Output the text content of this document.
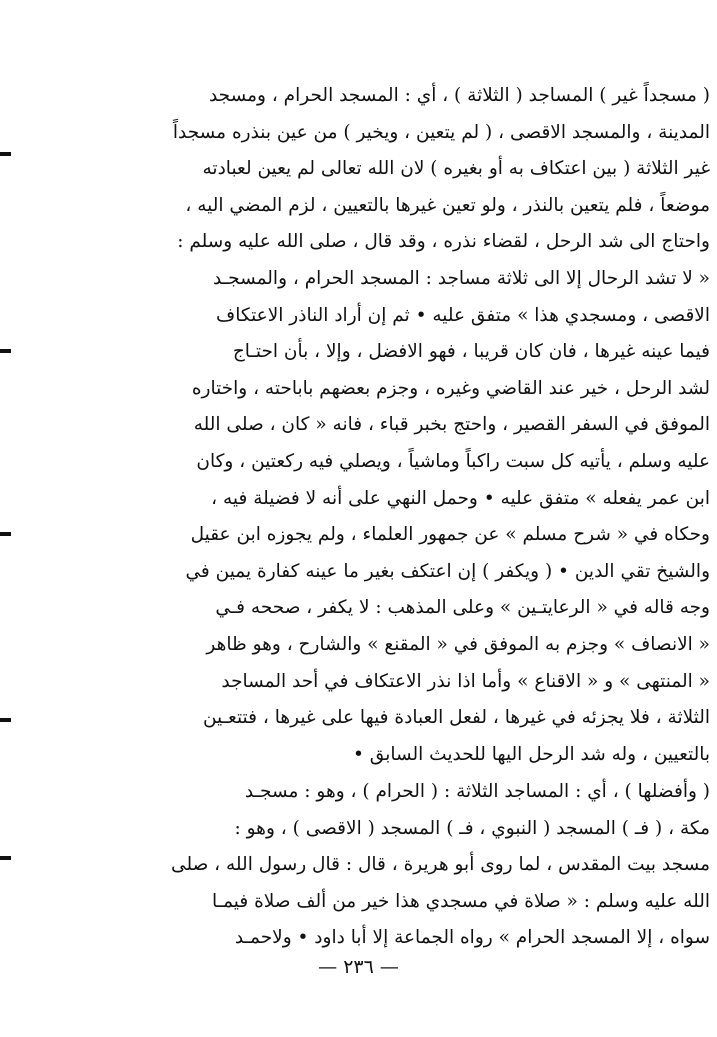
( مسجداً غير ) المساجد ( الثلاثة ) ، أي : المسجد الحرام ، ومسجد
المدينة ، والمسجد الاقصى ، ( لم يتعين ، ويخير ) من عين بنذره مسجداً
غير الثلاثة ( بين اعتكاف به أو بغيره ) لان الله تعالى لم يعين لعبادته
موضعاً ، فلم يتعين بالنذر ، ولو تعين غيرها بالتعيين ، لزم المضي اليه ،
واحتاج الى شد الرحل ، لقضاء نذره ، وقد قال ، صلى الله عليه وسلم :
« لا تشد الرحال إلا الى ثلاثة مساجد : المسجد الحرام ، والمسجـد
الاقصى ، ومسجدي هذا » متفق عليه • ثم إن أراد الناذر الاعتكاف
فيما عينه غيرها ، فان كان قريبا ، فهو الافضل ، وإلا ، بأن احتـاج
لشد الرحل ، خير عند القاضي وغيره ، وجزم بعضهم باباحته ، واختاره
الموفق في السفر القصير ، واحتج بخبر قباء ، فانه « كان ، صلى الله
عليه وسلم ، يأتيه كل سبت راكباً وماشياً ، ويصلي فيه ركعتين ، وكان
ابن عمر يفعله » متفق عليه • وحمل النهي على أنه لا فضيلة فيه ،
وحكاه في « شرح مسلم » عن جمهور العلماء ، ولم يجوزه ابن عقيل
والشيخ تقي الدين • ( ويكفر ) إن اعتكف بغير ما عينه كفارة يمين في
وجه قاله في « الرعايتـين » وعلى المذهب : لا يكفر ، صححه فـي
« الانصاف » وجزم به الموفق في « المقنع » والشارح ، وهو ظاهر
« المنتهى » و « الاقناع » وأما اذا نذر الاعتكاف في أحد المساجد
الثلاثة ، فلا يجزئه في غيرها ، لفعل العبادة فيها على غيرها ، فتتعـين
بالتعيين ، وله شد الرحل اليها للحديث السابق •
( وأفضلها ) ، أي : المساجد الثلاثة : ( الحرام ) ، وهو : مسجـد
مكة ، ( فـ ) المسجد ( النبوي ، فـ ) المسجد ( الاقصى ) ، وهو :
مسجد بيت المقدس ، لما روى أبو هريرة ، قال : قال رسول الله ، صلى
الله عليه وسلم : « صلاة في مسجدي هذا خير من ألف صلاة فيمـا
سواه ، إلا المسجد الحرام » رواه الجماعة إلا أبا داود • ولاحمـد
— ٢٣٦ —
